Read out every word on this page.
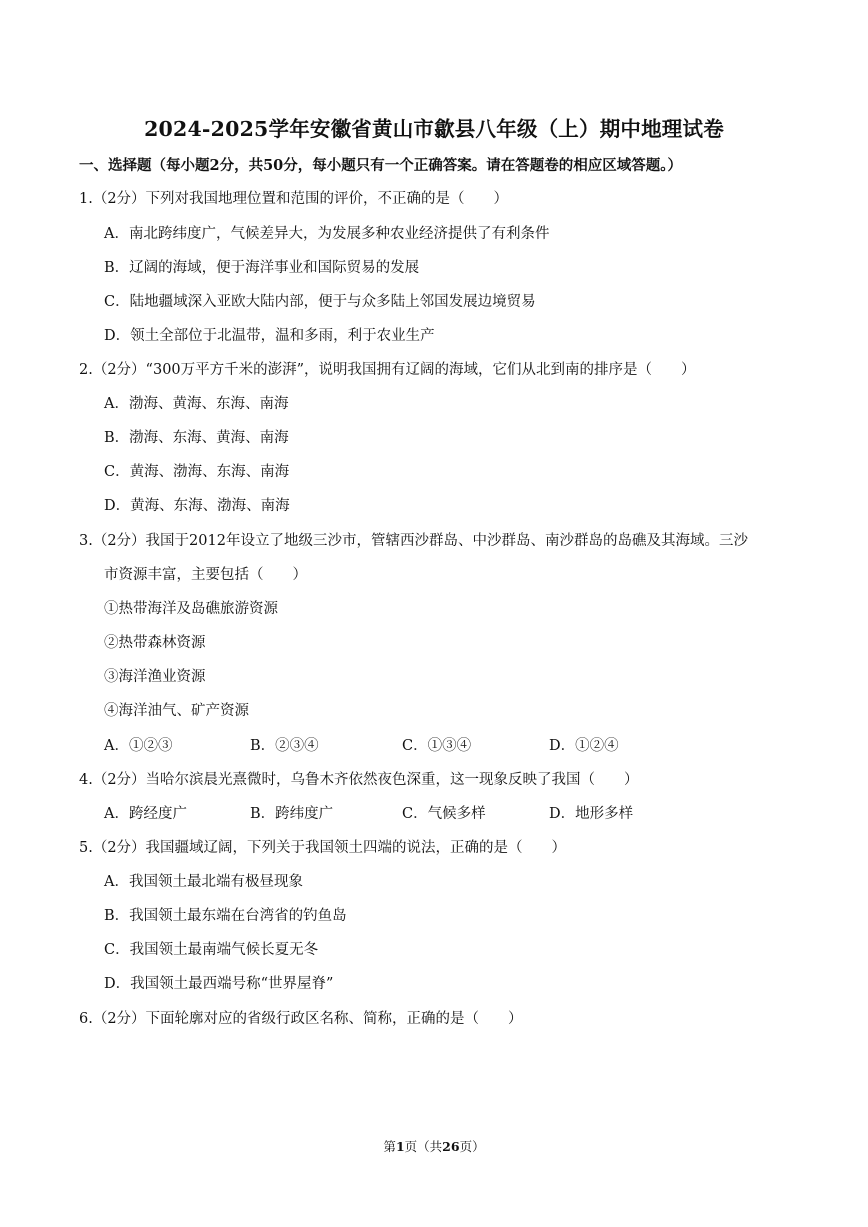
2024-2025学年安徽省黄山市歙县八年级（上）期中地理试卷
一、选择题（每小题2分，共50分，每小题只有一个正确答案。请在答题卷的相应区域答题。）
1.（2分）下列对我国地理位置和范围的评价，不正确的是（　　）
A．南北跨纬度广，气候差异大，为发展多种农业经济提供了有利条件
B．辽阔的海域，便于海洋事业和国际贸易的发展
C．陆地疆域深入亚欧大陆内部，便于与众多陆上邻国发展边境贸易
D．领土全部位于北温带，温和多雨，利于农业生产
2.（2分）“300万平方千米的澎湃”，说明我国拥有辽阔的海域，它们从北到南的排序是（　　）
A．渤海、黄海、东海、南海
B．渤海、东海、黄海、南海
C．黄海、渤海、东海、南海
D．黄海、东海、渤海、南海
3.（2分）我国于2012年设立了地级三沙市，管辖西沙群岛、中沙群岛、南沙群岛的岛礁及其海域。三沙
市资源丰富，主要包括（　　）
①热带海洋及岛礁旅游资源
②热带森林资源
③海洋渔业资源
④海洋油气、矿产资源
A．①②③	B．②③④	C．①③④	D．①②④
4.（2分）当哈尔滨晨光熹微时，乌鲁木齐依然夜色深重，这一现象反映了我国（　　）
A．跨经度广	B．跨纬度广	C．气候多样	D．地形多样
5.（2分）我国疆域辽阔，下列关于我国领土四端的说法，正确的是（　　）
A．我国领土最北端有极昼现象
B．我国领土最东端在台湾省的钓鱼岛
C．我国领土最南端气候长夏无冬
D．我国领土最西端号称“世界屋脊”
6.（2分）下面轮廓对应的省级行政区名称、简称，正确的是（　　）
第1页（共26页）
